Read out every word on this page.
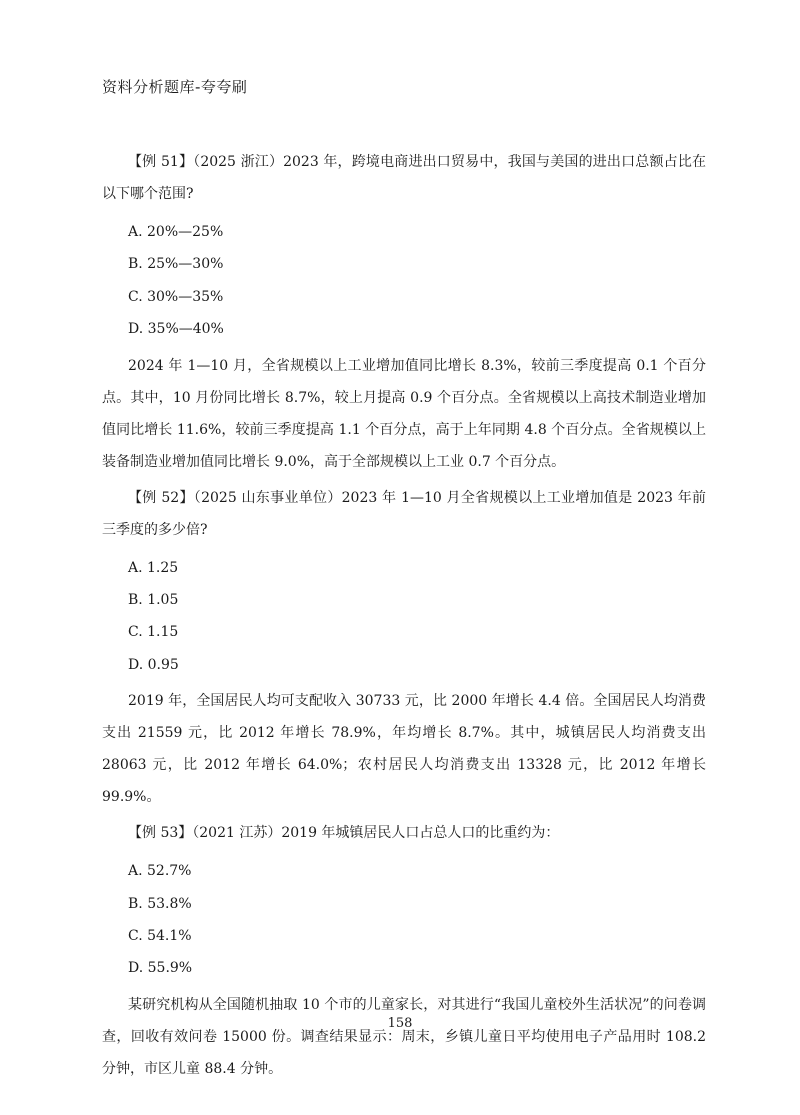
资料分析题库-夸夸刷

【例 51】（2025 浙江）2023 年，跨境电商进出口贸易中，我国与美国的进出口总额占比在以下哪个范围?

A. 20%—25%
B. 25%—30%
C. 30%—35%
D. 35%—40%

2024 年 1—10 月，全省规模以上工业增加值同比增长 8.3%，较前三季度提高 0.1 个百分点。其中，10 月份同比增长 8.7%，较上月提高 0.9 个百分点。全省规模以上高技术制造业增加值同比增长 11.6%，较前三季度提高 1.1 个百分点，高于上年同期 4.8 个百分点。全省规模以上装备制造业增加值同比增长 9.0%，高于全部规模以上工业 0.7 个百分点。

【例 52】（2025 山东事业单位）2023 年 1—10 月全省规模以上工业增加值是 2023 年前三季度的多少倍?

A. 1.25
B. 1.05
C. 1.15
D. 0.95

2019 年，全国居民人均可支配收入 30733 元，比 2000 年增长 4.4 倍。全国居民人均消费支出 21559 元，比 2012 年增长 78.9%，年均增长 8.7%。其中，城镇居民人均消费支出 28063 元，比 2012 年增长 64.0%；农村居民人均消费支出 13328 元，比 2012 年增长 99.9%。

【例 53】（2021 江苏）2019 年城镇居民人口占总人口的比重约为：

A. 52.7%
B. 53.8%
C. 54.1%
D. 55.9%

某研究机构从全国随机抽取 10 个市的儿童家长，对其进行“我国儿童校外生活状况”的问卷调查，回收有效问卷 15000 份。调查结果显示：周末，乡镇儿童日平均使用电子产品用时 108.2 分钟，市区儿童 88.4 分钟。

158
